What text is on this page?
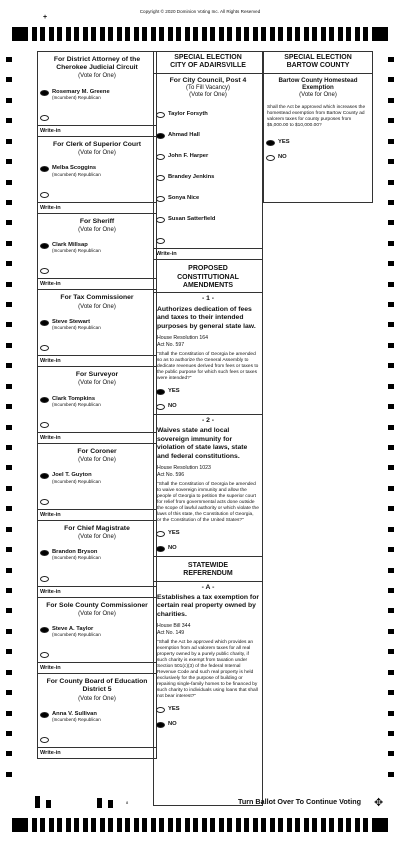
Copyright © 2020 Dominion Voting Inc. All Rights Reserved
+
For District Attorney of the Cherokee Judicial Circuit
(Vote for One)
Rosemary M. Greene
(Incumbent) Republican
Write-in
For Clerk of Superior Court
(Vote for One)
Melba Scoggins
(Incumbent) Republican
Write-in
For Sheriff
(Vote for One)
Clark Millsap
(Incumbent) Republican
Write-in
For Tax Commissioner
(Vote for One)
Steve Stewart
(Incumbent) Republican
Write-in
For Surveyor
(Vote for One)
Clark Tompkins
(Incumbent) Republican
Write-in
For Coroner
(Vote for One)
Joel T. Guyton
(Incumbent) Republican
Write-in
For Chief Magistrate
(Vote for One)
Brandon Bryson
(Incumbent) Republican
Write-in
For Sole County Commissioner
(Vote for One)
Steve A. Taylor
(Incumbent) Republican
Write-in
For County Board of Education District 5
(Vote for One)
Anna V. Sullivan
(Incumbent) Republican
Write-in
SPECIAL ELECTION
CITY OF ADAIRSVILLE
For City Council, Post 4
(To Fill Vacancy)
(Vote for One)
Taylor Forsyth
Ahmad Hall
John F. Harper
Brandey Jenkins
Sonya Nice
Susan Satterfield
Write-in
PROPOSED
CONSTITUTIONAL
AMENDMENTS
- 1 -
Authorizes dedication of fees and taxes to their intended purposes by general state law.
House Resolution 164
Act No. 597
"Shall the Constitution of Georgia be amended so as to authorize the General Assembly to dedicate revenues derived from fees or taxes to the public purpose for which such fees or taxes were intended?"
YES
NO
- 2 -
Waives state and local sovereign immunity for violation of state laws, state and federal constitutions.
House Resolution 1023
Act No. 596
"Shall the Constitution of Georgia be amended to waive sovereign immunity and allow the people of Georgia to petition the superior court for relief from governmental acts done outside the scope of lawful authority or which violate the laws of this state, the Constitution of Georgia, or the Constitution of the United States?"
YES
NO
STATEWIDE
REFERENDUM
- A -
Establishes a tax exemption for certain real property owned by charities.
House Bill 344
Act No. 149
"Shall the Act be approved which provides an exemption from ad valorem taxes for all real property owned by a purely public charity, if such charity is exempt from taxation under Section 501(c)(3) of the federal Internal Revenue Code and such real property is held exclusively for the purpose of building or repairing single-family homes to be financed by such charity to individuals using loans that shall not bear interest?"
YES
NO
SPECIAL ELECTION
BARTOW COUNTY
Bartow County Homestead Exemption
(Vote for One)
Shall the Act be approved which increases the homestead exemption from Bartow County ad valorem taxes for county purposes from $5,000.00 to $10,000.00?
YES
NO
8	Turn Ballot Over To Continue Voting ✥
